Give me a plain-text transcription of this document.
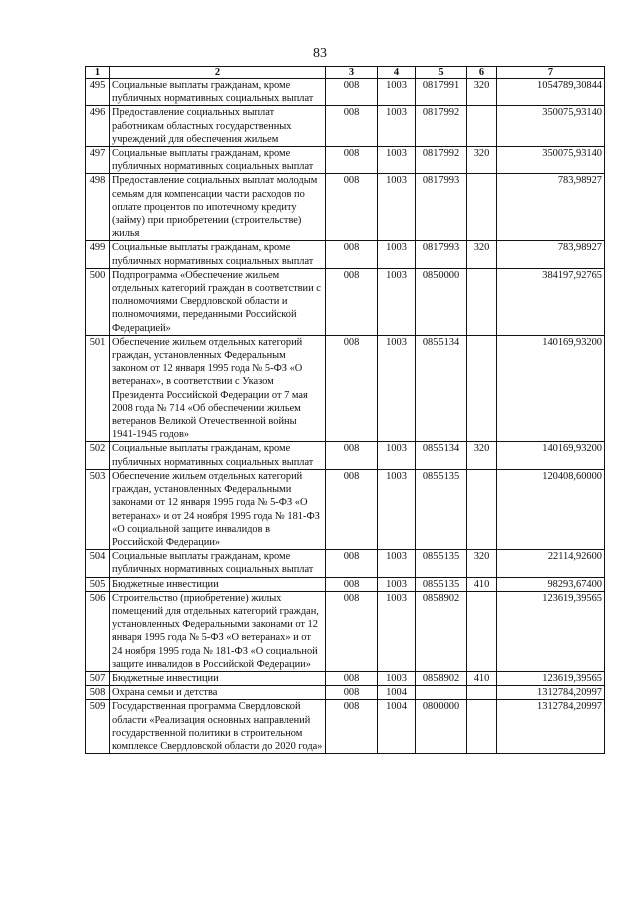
83
1	2	3	4	5	6	7
495	Социальные выплаты гражданам, кроме публичных нормативных социальных выплат	008	1003	0817991	320	1054789,30844
496	Предоставление социальных выплат работникам областных государственных учреждений для обеспечения жильем	008	1003	0817992		350075,93140
497	Социальные выплаты гражданам, кроме публичных нормативных социальных выплат	008	1003	0817992	320	350075,93140
498	Предоставление социальных выплат молодым семьям для компенсации части расходов по оплате процентов по ипотечному кредиту (займу) при приобретении (строительстве) жилья	008	1003	0817993		783,98927
499	Социальные выплаты гражданам, кроме публичных нормативных социальных выплат	008	1003	0817993	320	783,98927
500	Подпрограмма «Обеспечение жильем отдельных категорий граждан в соответствии с полномочиями Свердловской области и полномочиями, переданными Российской Федерацией»	008	1003	0850000		384197,92765
501	Обеспечение жильем отдельных категорий граждан, установленных Федеральным законом от 12 января 1995 года № 5-ФЗ «О ветеранах», в соответствии с Указом Президента Российской Федерации от 7 мая 2008 года № 714 «Об обеспечении жильем ветеранов Великой Отечественной войны 1941-1945 годов»	008	1003	0855134		140169,93200
502	Социальные выплаты гражданам, кроме публичных нормативных социальных выплат	008	1003	0855134	320	140169,93200
503	Обеспечение жильем отдельных категорий граждан, установленных Федеральными законами от 12 января 1995 года № 5-ФЗ «О ветеранах» и от 24 ноября 1995 года № 181-ФЗ «О социальной защите инвалидов в Российской Федерации»	008	1003	0855135		120408,60000
504	Социальные выплаты гражданам, кроме публичных нормативных социальных выплат	008	1003	0855135	320	22114,92600
505	Бюджетные инвестиции	008	1003	0855135	410	98293,67400
506	Строительство (приобретение) жилых помещений для отдельных категорий граждан, установленных Федеральными законами от 12 января 1995 года № 5-ФЗ «О ветеранах» и от 24 ноября 1995 года № 181-ФЗ «О социальной защите инвалидов в Российской Федерации»	008	1003	0858902		123619,39565
507	Бюджетные инвестиции	008	1003	0858902	410	123619,39565
508	Охрана семьи и детства	008	1004			1312784,20997
509	Государственная программа Свердловской области «Реализация основных направлений государственной политики в строительном комплексе Свердловской области до 2020 года»	008	1004	0800000		1312784,20997
